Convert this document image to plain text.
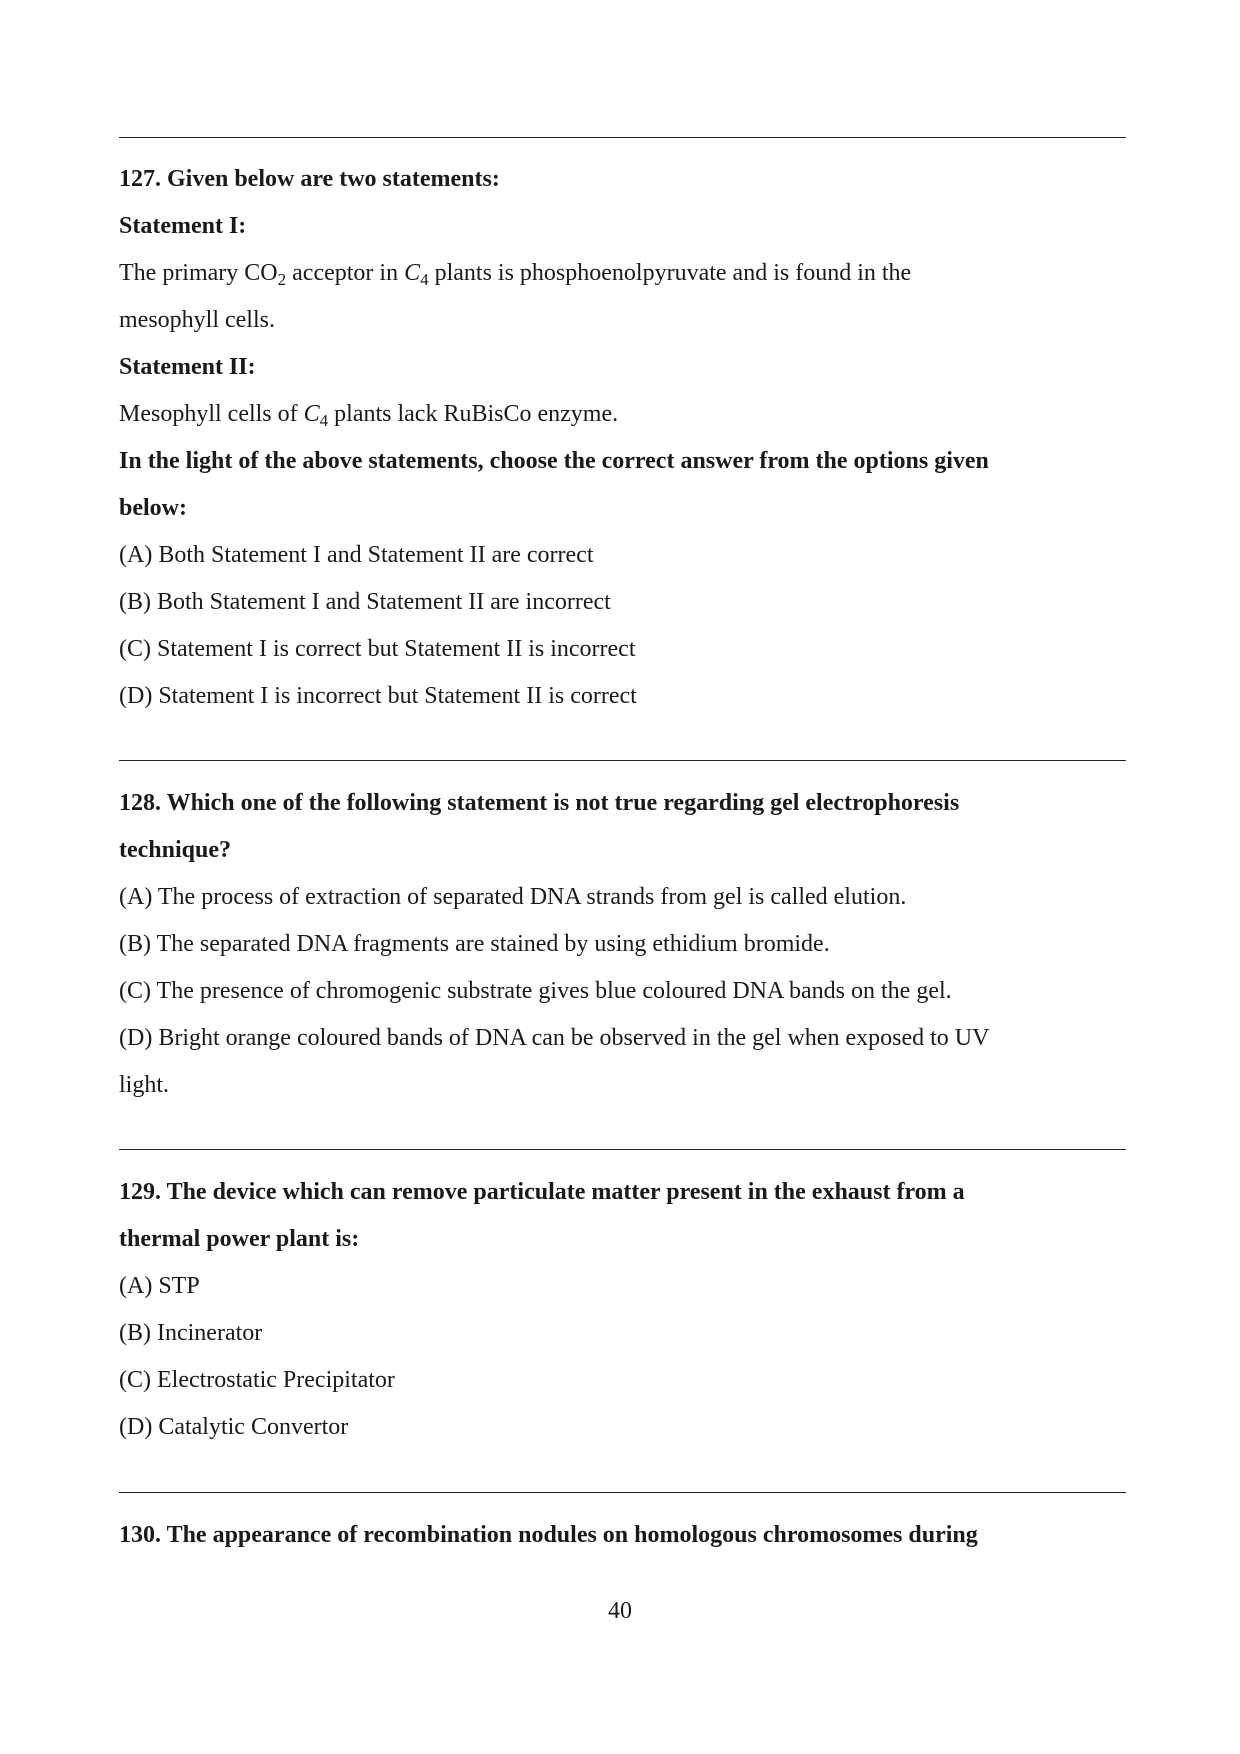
127. Given below are two statements:
Statement I:
The primary $CO_2$ acceptor in $C_4$ plants is phosphoenolpyruvate and is found in the
mesophyll cells.
Statement II:
Mesophyll cells of $C_4$ plants lack RuBisCo enzyme.
In the light of the above statements, choose the correct answer from the options given
below:
(A) Both Statement I and Statement II are correct
(B) Both Statement I and Statement II are incorrect
(C) Statement I is correct but Statement II is incorrect
(D) Statement I is incorrect but Statement II is correct
128. Which one of the following statement is not true regarding gel electrophoresis
technique?
(A) The process of extraction of separated DNA strands from gel is called elution.
(B) The separated DNA fragments are stained by using ethidium bromide.
(C) The presence of chromogenic substrate gives blue coloured DNA bands on the gel.
(D) Bright orange coloured bands of DNA can be observed in the gel when exposed to UV
light.
129. The device which can remove particulate matter present in the exhaust from a
thermal power plant is:
(A) STP
(B) Incinerator
(C) Electrostatic Precipitator
(D) Catalytic Convertor
130. The appearance of recombination nodules on homologous chromosomes during
40
